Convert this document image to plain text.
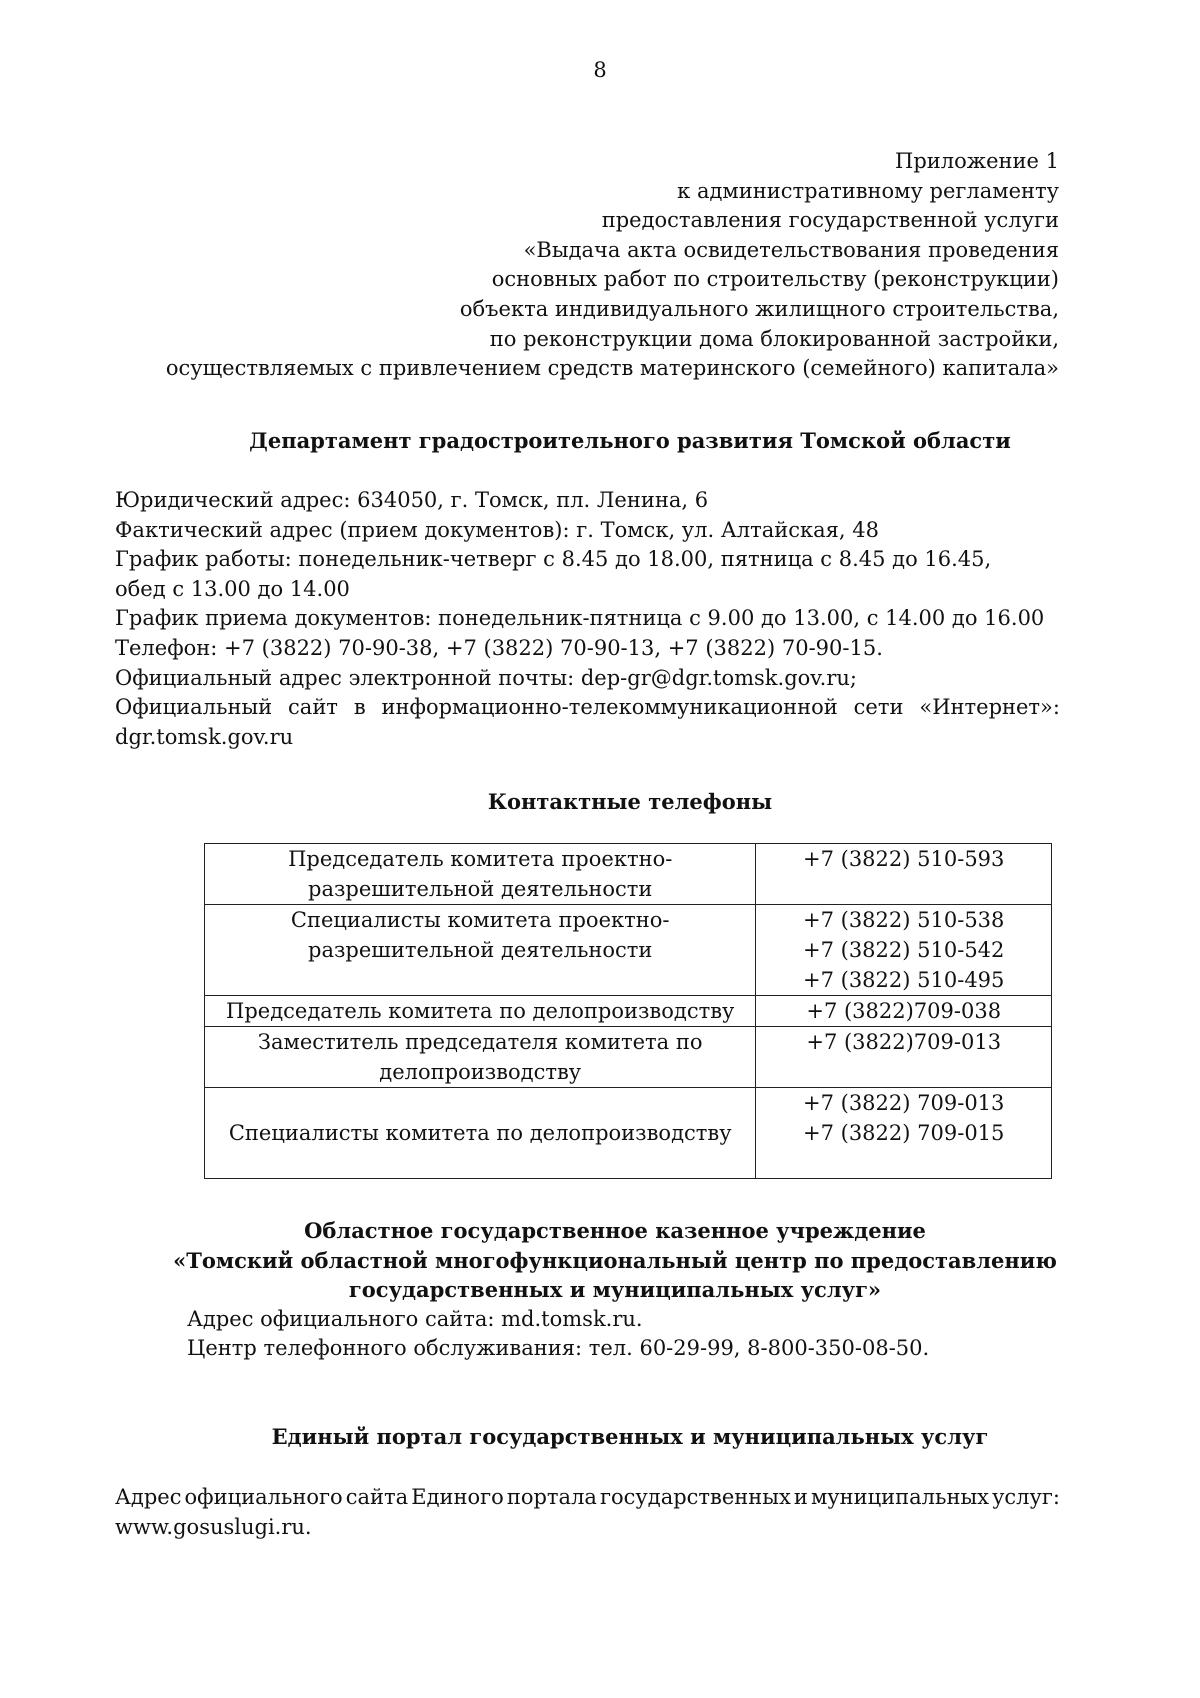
8
Приложение 1
к административному регламенту
предоставления государственной услуги
«Выдача акта освидетельствования проведения
основных работ по строительству (реконструкции)
объекта индивидуального жилищного строительства,
по реконструкции дома блокированной застройки,
осуществляемых с привлечением средств материнского (семейного) капитала»
Департамент градостроительного развития Томской области
Юридический адрес: 634050, г. Томск, пл. Ленина, 6
Фактический адрес (прием документов): г. Томск, ул. Алтайская, 48
График работы: понедельник-четверг с 8.45 до 18.00, пятница с 8.45 до 16.45,
обед с 13.00 до 14.00
График приема документов: понедельник-пятница с 9.00 до 13.00, с 14.00 до 16.00
Телефон: +7 (3822) 70-90-38, +7 (3822) 70-90-13, +7 (3822) 70-90-15.
Официальный адрес электронной почты: dep-gr@dgr.tomsk.gov.ru;
Официальный сайт в информационно-телекоммуникационной сети «Интернет»:
dgr.tomsk.gov.ru
Контактные телефоны
Председатель комитета проектно-
разрешительной деятельности	+7 (3822) 510-593

Специалисты комитета проектно-
разрешительной деятельности	+7 (3822) 510-538
+7 (3822) 510-542
+7 (3822) 510-495

Председатель комитета по делопроизводству	+7 (3822)709-038

Заместитель председателя комитета по
делопроизводству	+7 (3822)709-013

Специалисты комитета по делопроизводству	+7 (3822) 709-013
+7 (3822) 709-015
Областное государственное казенное учреждение
«Томский областной многофункциональный центр по предоставлению
государственных и муниципальных услуг»
Адрес официального сайта: md.tomsk.ru.
Центр телефонного обслуживания: тел. 60-29-99, 8-800-350-08-50.
Единый портал государственных и муниципальных услуг
Адрес официального сайта Единого портала государственных и муниципальных услуг:
www.gosuslugi.ru.
